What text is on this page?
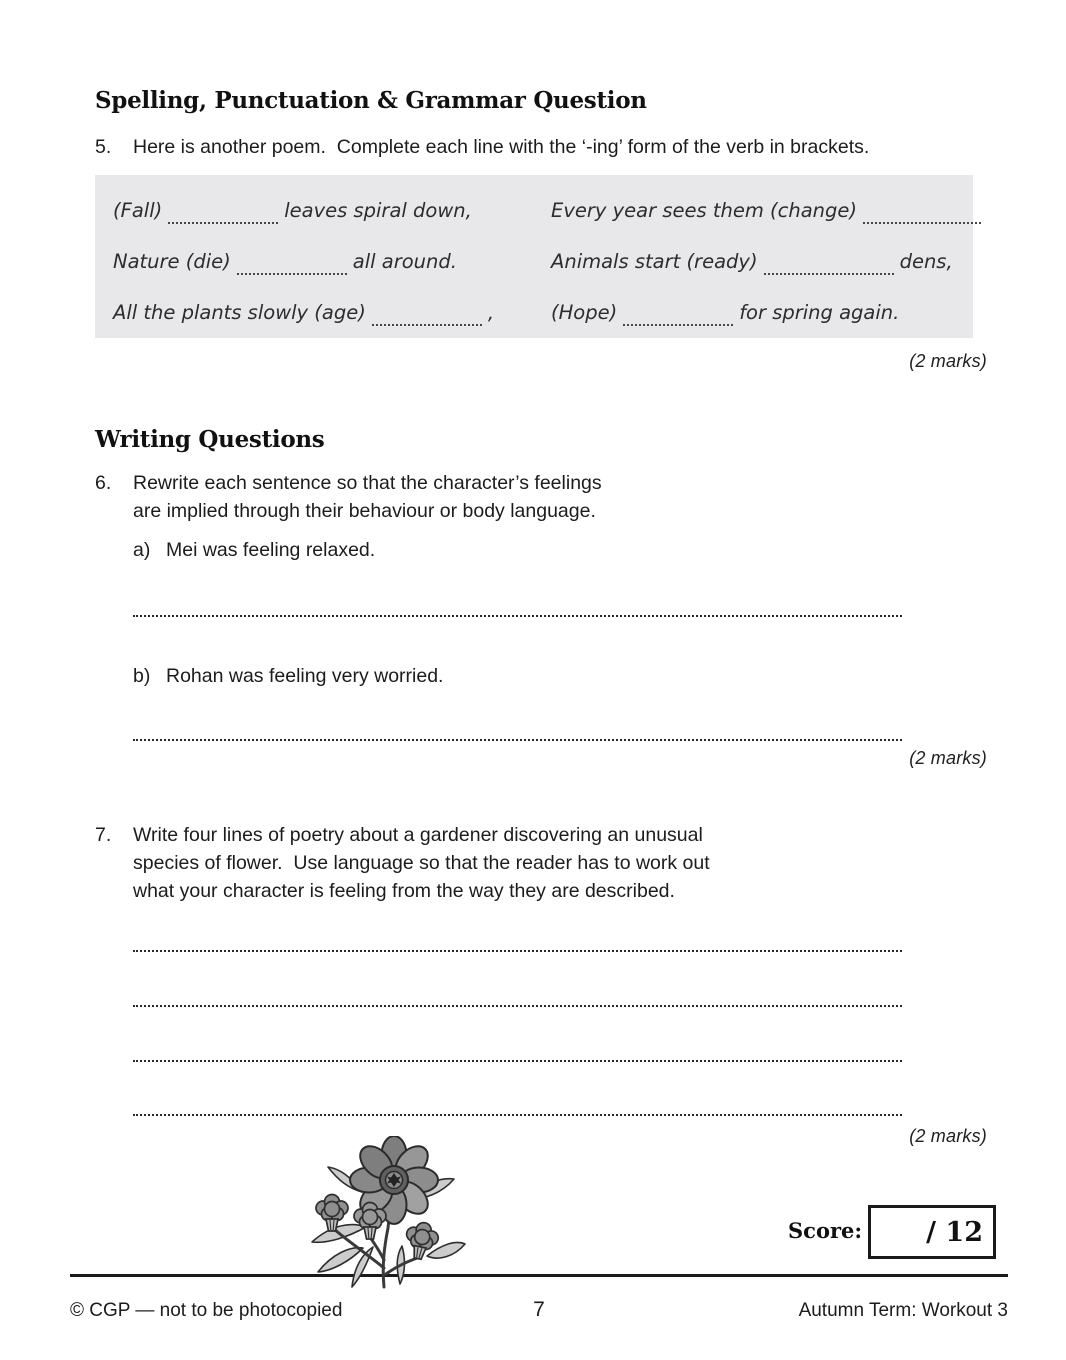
Spelling, Punctuation & Grammar Question
5.	Here is another poem.  Complete each line with the ‘-ing’ form of the verb in brackets.
(Fall)	leaves spiral down,	Every year sees them (change)
Nature (die)	all around.	Animals start (ready)	dens,
All the plants slowly (age)	,	(Hope)	for spring again.
(2 marks)
Writing Questions
6.	Rewrite each sentence so that the character’s feelings
are implied through their behaviour or body language.
a) Mei was feeling relaxed.
b) Rohan was feeling very worried.
(2 marks)
7.	Write four lines of poetry about a gardener discovering an unusual
species of flower.  Use language so that the reader has to work out
what your character is feeling from the way they are described.
(2 marks)
Score: / 12
© CGP — not to be photocopied	7	Autumn Term: Workout 3
